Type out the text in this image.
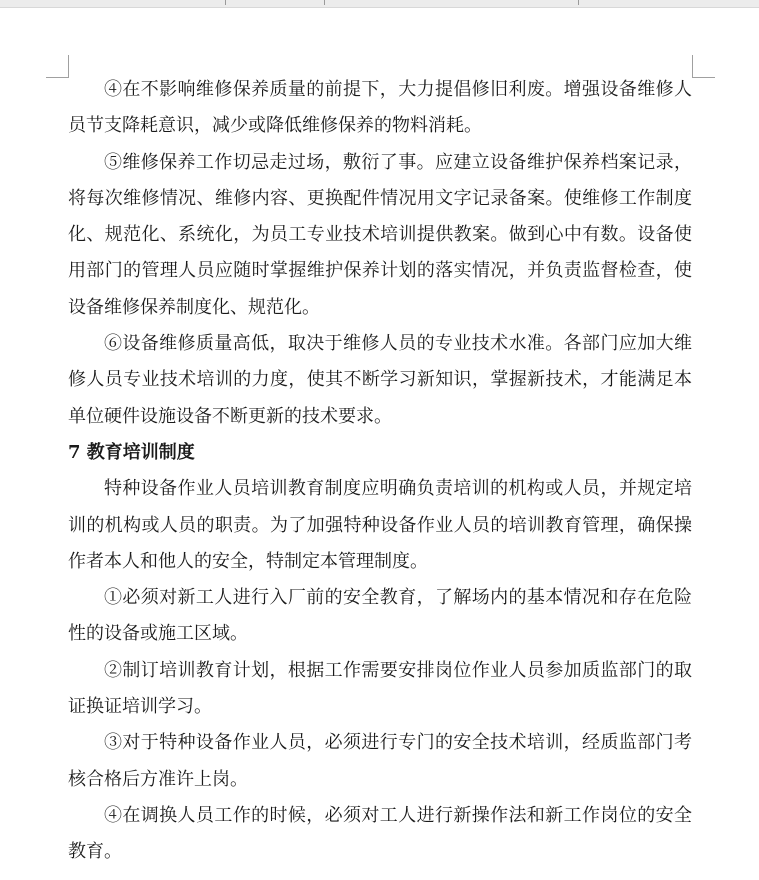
④在不影响维修保养质量的前提下，大力提倡修旧利废。增强设备维修人员节支降耗意识，减少或降低维修保养的物料消耗。

⑤维修保养工作切忌走过场，敷衍了事。应建立设备维护保养档案记录，将每次维修情况、维修内容、更换配件情况用文字记录备案。使维修工作制度化、规范化、系统化，为员工专业技术培训提供教案。做到心中有数。设备使用部门的管理人员应随时掌握维护保养计划的落实情况，并负责监督检查，使设备维修保养制度化、规范化。

⑥设备维修质量高低，取决于维修人员的专业技术水准。各部门应加大维修人员专业技术培训的力度，使其不断学习新知识，掌握新技术，才能满足本单位硬件设施设备不断更新的技术要求。

7 教育培训制度

特种设备作业人员培训教育制度应明确负责培训的机构或人员，并规定培训的机构或人员的职责。为了加强特种设备作业人员的培训教育管理，确保操作者本人和他人的安全，特制定本管理制度。

①必须对新工人进行入厂前的安全教育，了解场内的基本情况和存在危险性的设备或施工区域。

②制订培训教育计划，根据工作需要安排岗位作业人员参加质监部门的取证换证培训学习。

③对于特种设备作业人员，必须进行专门的安全技术培训，经质监部门考核合格后方准许上岗。

④在调换人员工作的时候，必须对工人进行新操作法和新工作岗位的安全教育。
